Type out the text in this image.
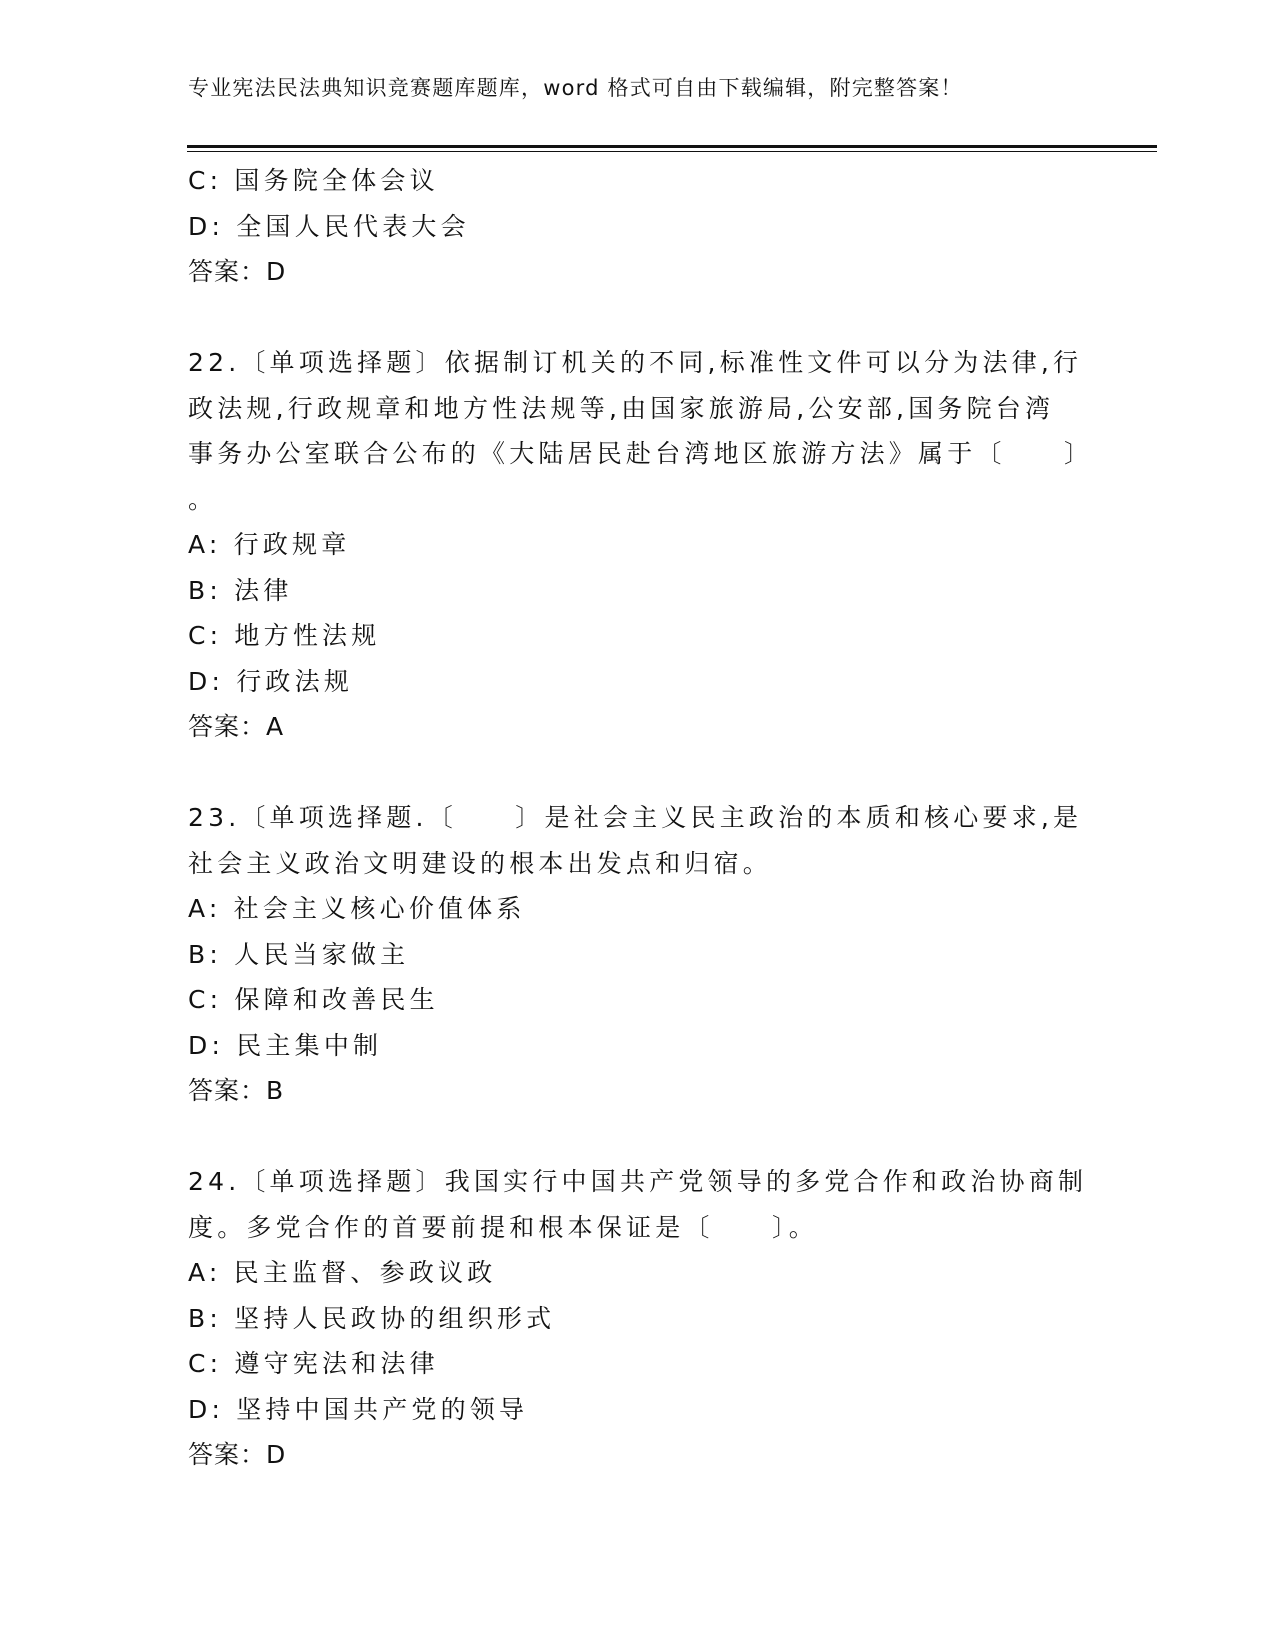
专业宪法民法典知识竞赛题库题库，word 格式可自由下载编辑，附完整答案！
C: 国务院全体会议
D: 全国人民代表大会
答案：D
22.〔单项选择题〕依据制订机关的不同,标准性文件可以分为法律,行
政法规,行政规章和地方性法规等,由国家旅游局,公安部,国务院台湾
事务办公室联合公布的《大陆居民赴台湾地区旅游方法》属于〔　　〕
。
A: 行政规章
B: 法律
C: 地方性法规
D: 行政法规
答案：A
23.〔单项选择题.〔　　〕是社会主义民主政治的本质和核心要求,是
社会主义政治文明建设的根本出发点和归宿。
A: 社会主义核心价值体系
B: 人民当家做主
C: 保障和改善民生
D: 民主集中制
答案：B
24.〔单项选择题〕我国实行中国共产党领导的多党合作和政治协商制
度。多党合作的首要前提和根本保证是〔　　〕。
A: 民主监督、参政议政
B: 坚持人民政协的组织形式
C: 遵守宪法和法律
D: 坚持中国共产党的领导
答案：D
